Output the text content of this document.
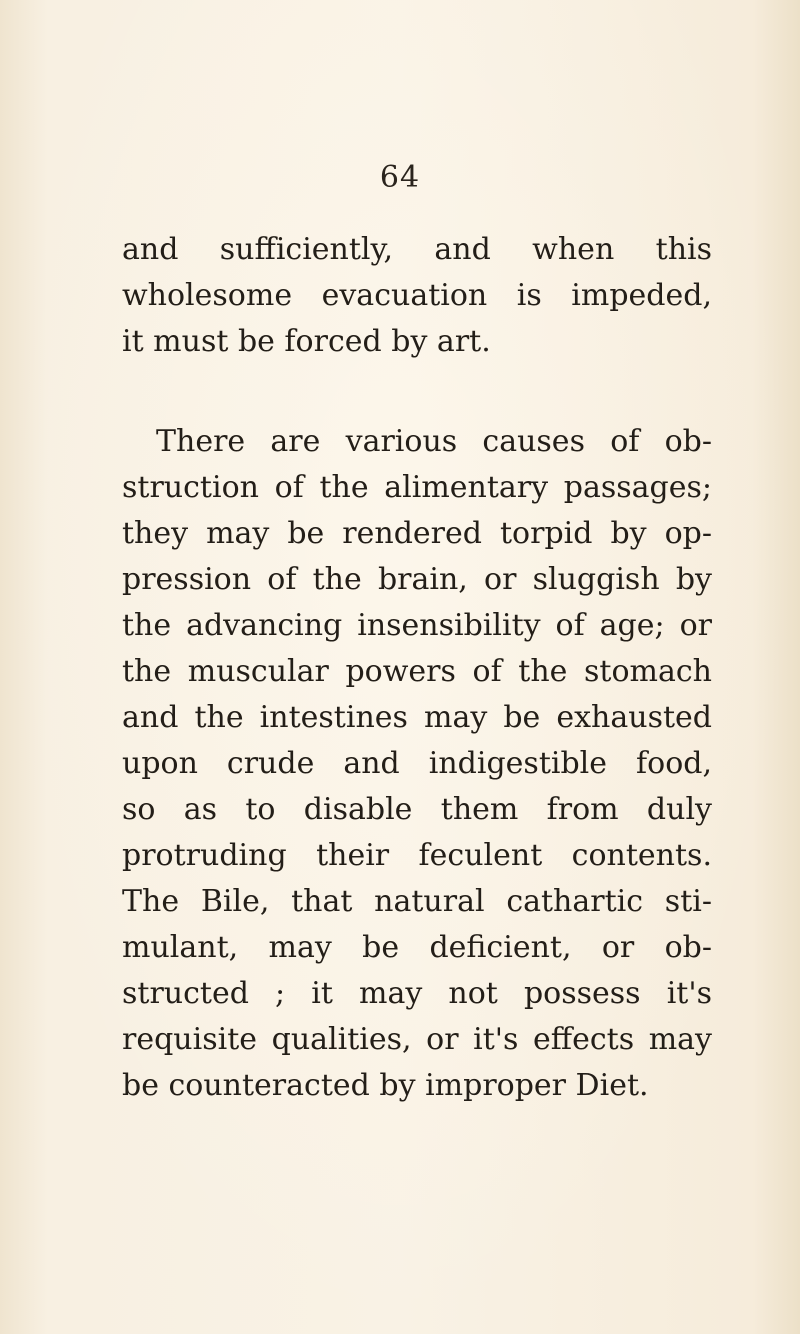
64
and sufficiently, and when this
wholesome evacuation is impeded,
it must be forced by art.
There are various causes of ob-
struction of the alimentary passages;
they may be rendered torpid by op-
pression of the brain, or sluggish by
the advancing insensibility of age; or
the muscular powers of the stomach
and the intestines may be exhausted
upon crude and indigestible food,
so as to disable them from duly
protruding their feculent contents.
The Bile, that natural cathartic sti-
mulant, may be deficient, or ob-
structed ; it may not possess it's
requisite qualities, or it's effects may
be counteracted by improper Diet.
